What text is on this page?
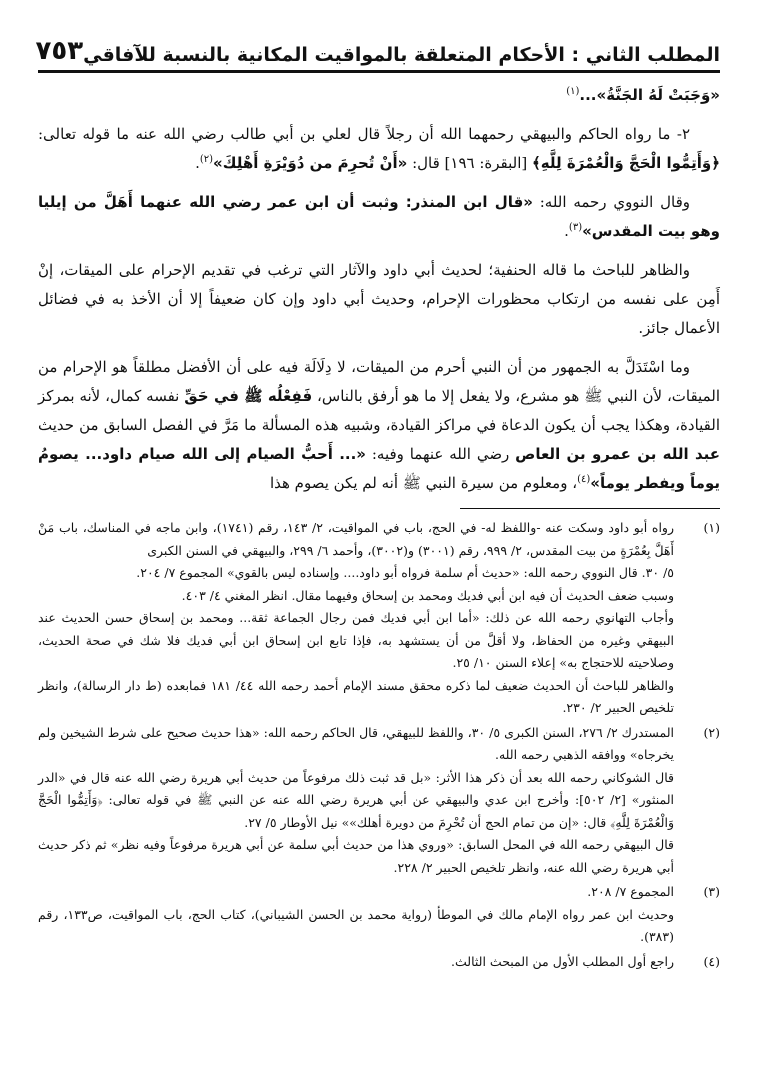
المطلب الثاني : الأحكام المتعلقة بالمواقيت المكانية بالنسبة للآفاقي
٧٥٣

«وَجَبَتْ لَهُ الجَنَّةُ»...$^{(١)}$

٢- ما رواه الحاكم والبيهقي رحمهما الله أن رجلاً قال لعلي بن أبي طالب رضي الله عنه ما قوله تعالى: ﴿وَأَتِمُّوا الْحَجَّ وَالْعُمْرَةَ لِلَّهِ﴾ [البقرة: ١٩٦] قال: «أَنْ تُحرِمَ من دُوَيْرَةِ أَهْلِكَ»$^{(٢)}$.

وقال النووي رحمه الله: «قال ابن المنذر: وثبت أن ابن عمر رضي الله عنهما أَهَلَّ من إيليا وهو بيت المقدس»$^{(٣)}$.

والظاهر للباحث ما قاله الحنفية؛ لحديث أبي داود والآثار التي ترغب في تقديم الإحرام على الميقات، إنْ أَمِن على نفسه من ارتكاب محظورات الإحرام، وحديث أبي داود وإن كان ضعيفاً إلا أن الأخذ به في فضائل الأعمال جائز.

وما اسْتَدَلَّ به الجمهور من أن النبي أحرم من الميقات، لا دِلَالَة فيه على أن الأفضل مطلقاً هو الإحرام من الميقات، لأن النبي ﷺ هو مشرع، ولا يفعل إلا ما هو أرفق بالناس، فَفِعْلُه ﷺ في حَقِّ نفسه كمال، لأنه بمركز القيادة، وهكذا يجب أن يكون الدعاة في مراكز القيادة، وشبيه هذه المسألة ما مَرَّ في الفصل السابق من حديث عبد الله بن عمرو بن العاص رضي الله عنهما وفيه: «... أَحبُّ الصيام إلى الله صيام داود... يصومُ يوماً ويفطر يوماً»$^{(٤)}$، ومعلوم من سيرة النبي ﷺ أنه لم يكن يصوم هذا

(١)

رواه أبو داود وسكت عنه -واللفظ له- في الحج، باب في المواقيت، ٢/ ١٤٣، رقم (١٧٤١)، وابن ماجه في المناسك، باب مَنْ أَهَلَّ بِعُمْرَةٍ من بيت المقدس، ٢/ ٩٩٩، رقم (٣٠٠١) و(٣٠٠٢)، وأحمد ٦/ ٢٩٩، والبيهقي في السنن الكبرى

٥/ ٣٠. قال النووي رحمه الله: «حديث أم سلمة فرواه أبو داود.... وإسناده ليس بالقوي» المجموع ٧/ ٢٠٤.

وسبب ضعف الحديث أن فيه ابن أبي فديك ومحمد بن إسحاق وفيهما مقال. انظر المغني ٤/ ٤٠٣.

وأجاب التهانوي رحمه الله عن ذلك: «أما ابن أبي فديك فمن رجال الجماعة ثقة... ومحمد بن إسحاق حسن الحديث عند البيهقي وغيره من الحفاظ، ولا أقلَّ من أن يستشهد به، فإذا تابع ابن إسحاق ابن أبي فديك فلا شك في صحة الحديث، وصلاحيته للاحتجاج به» إعلاء السنن ١٠/ ٢٥.

والظاهر للباحث أن الحديث ضعيف لما ذكره محقق مسند الإمام أحمد رحمه الله ٤٤/ ١٨١ فمابعده (ط دار الرسالة)، وانظر تلخيص الحبير ٢/ ٢٣٠.

(٢)

المستدرك ٢/ ٢٧٦، السنن الكبرى ٥/ ٣٠، واللفظ للبيهقي، قال الحاكم رحمه الله: «هذا حديث صحيح على شرط الشيخين ولم يخرجاه» ووافقه الذهبي رحمه الله.

قال الشوكاني رحمه الله بعد أن ذكر هذا الأثر: «بل قد ثبت ذلك مرفوعاً من حديث أبي هريرة رضي الله عنه قال في «الدر المنثور» [٢/ ٥٠٢]: وأخرج ابن عدي والبيهقي عن أبي هريرة رضي الله عنه عن النبي ﷺ في قوله تعالى: ﴿وَأَتِمُّوا الْحَجَّ وَالْعُمْرَةَ لِلَّهِ﴾ قال: «إن من تمام الحج أن تُحْرِمَ من دويرة أهلك»» نيل الأوطار ٥/ ٢٧.

قال البيهقي رحمه الله في المحل السابق: «وروي هذا من حديث أبي سلمة عن أبي هريرة مرفوعاً وفيه نظر» ثم ذكر حديث أبي هريرة رضي الله عنه، وانظر تلخيص الحبير ٢/ ٢٢٨.

(٣)

المجموع ٧/ ٢٠٨.

وحديث ابن عمر رواه الإمام مالك في الموطأ (رواية محمد بن الحسن الشيباني)، كتاب الحج، باب المواقيت، ص١٣٣، رقم (٣٨٣).

(٤)

راجع أول المطلب الأول من المبحث الثالث.
